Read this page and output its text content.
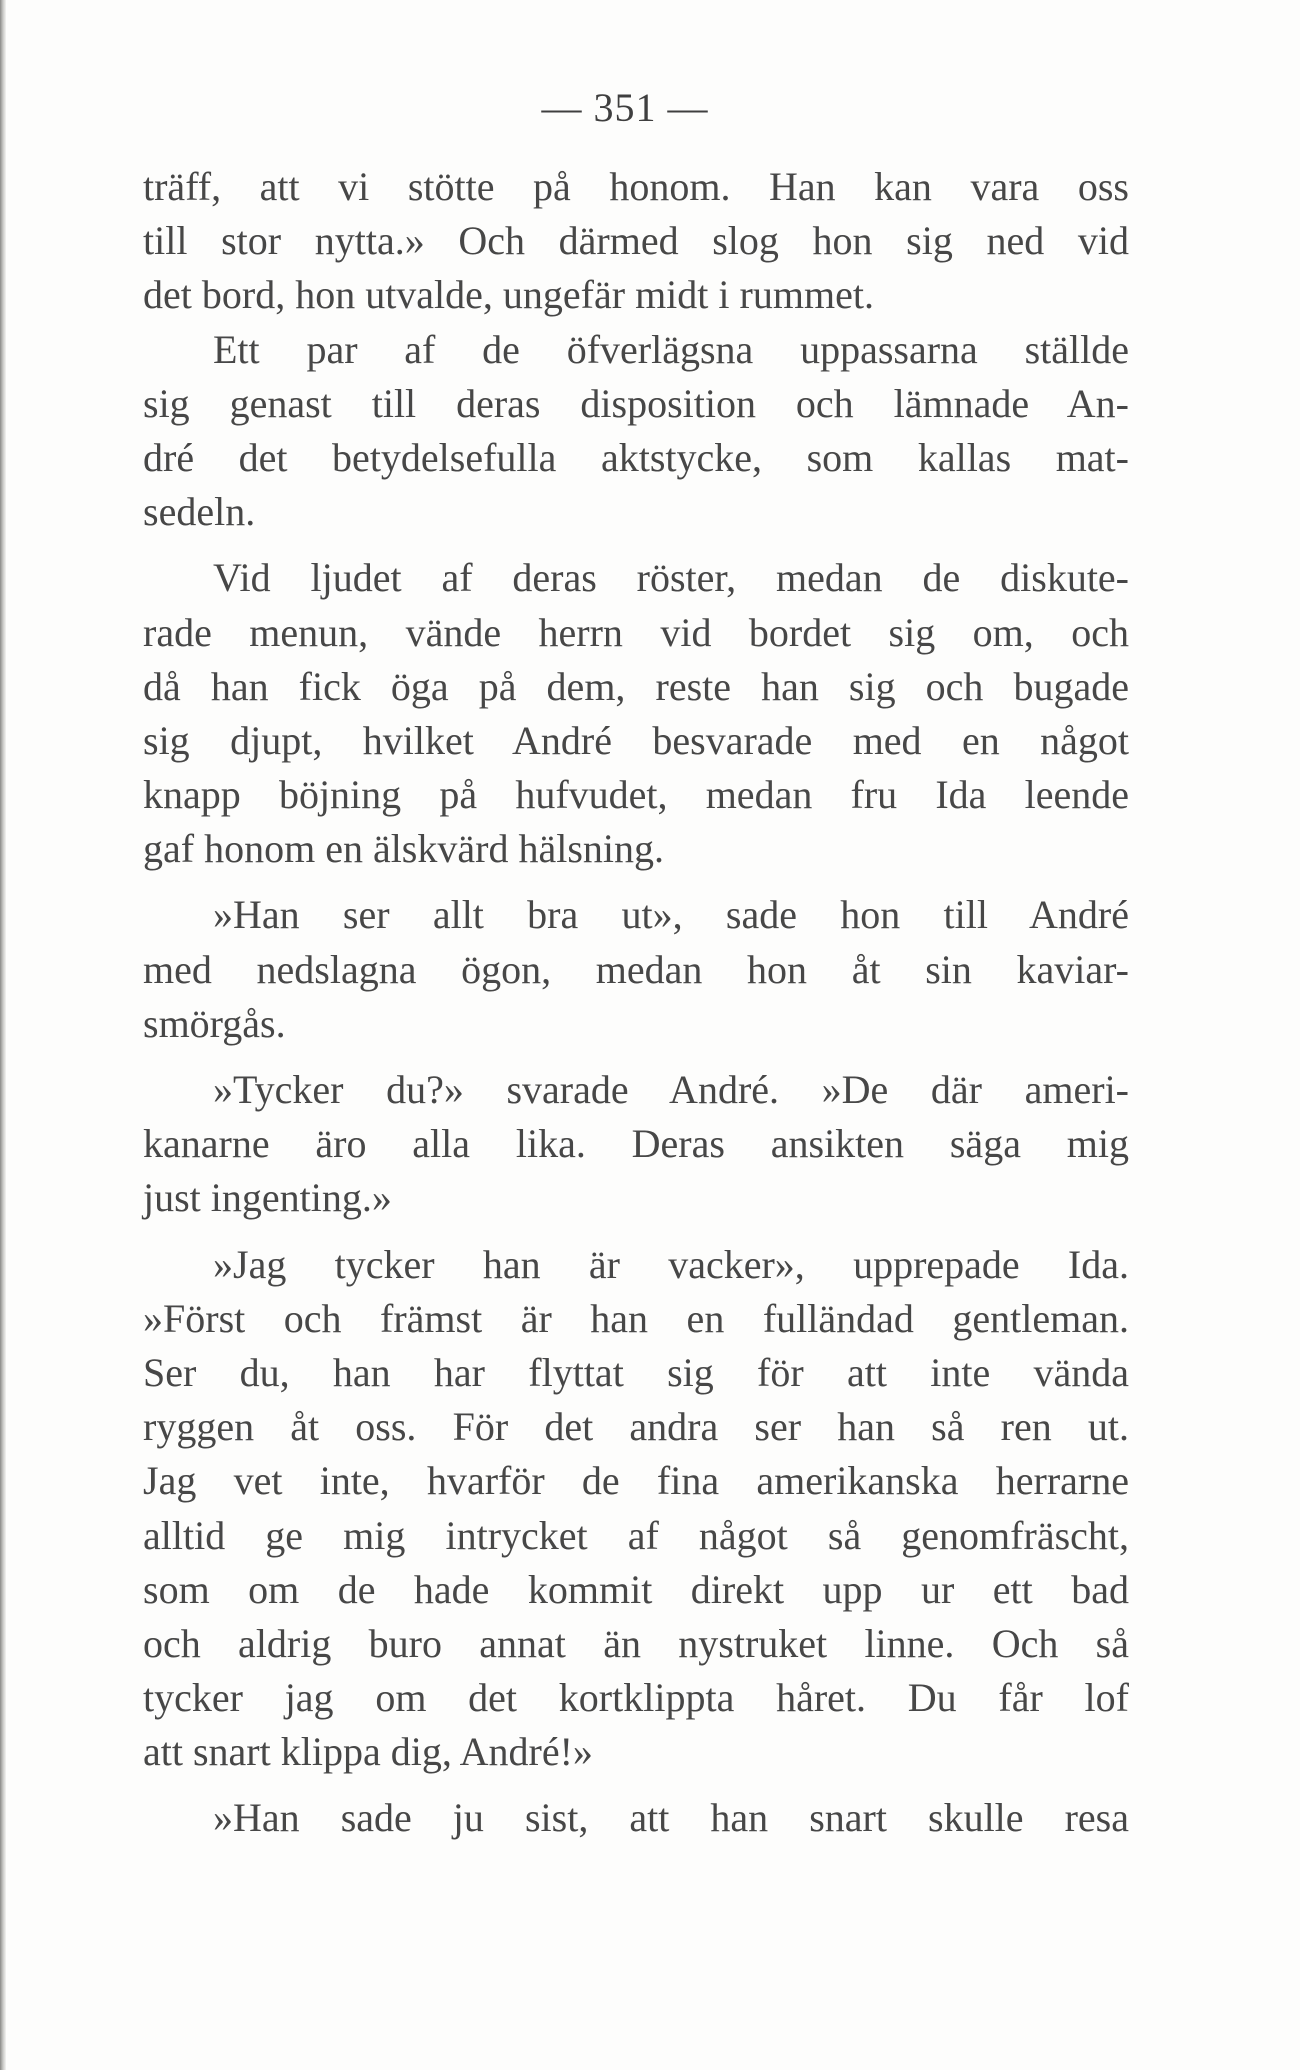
— 351 —
träff, att vi stötte på honom. Han kan vara oss
till stor nytta.» Och därmed slog hon sig ned vid
det bord, hon utvalde, ungefär midt i rummet.
Ett par af de öfverlägsna uppassarna ställde
sig genast till deras disposition och lämnade An-
dré det betydelsefulla aktstycke, som kallas mat-
sedeln.
Vid ljudet af deras röster, medan de diskute-
rade menun, vände herrn vid bordet sig om, och
då han fick öga på dem, reste han sig och bugade
sig djupt, hvilket André besvarade med en något
knapp böjning på hufvudet, medan fru Ida leende
gaf honom en älskvärd hälsning.
»Han ser allt bra ut», sade hon till André
med nedslagna ögon, medan hon åt sin kaviar-
smörgås.
»Tycker du?» svarade André. »De där ameri-
kanarne äro alla lika. Deras ansikten säga mig
just ingenting.»
»Jag tycker han är vacker», upprepade Ida.
»Först och främst är han en fulländad gentleman.
Ser du, han har flyttat sig för att inte vända
ryggen åt oss. För det andra ser han så ren ut.
Jag vet inte, hvarför de fina amerikanska herrarne
alltid ge mig intrycket af något så genomfräscht,
som om de hade kommit direkt upp ur ett bad
och aldrig buro annat än nystruket linne. Och så
tycker jag om det kortklippta håret. Du får lof
att snart klippa dig, André!»
»Han sade ju sist, att han snart skulle resa
